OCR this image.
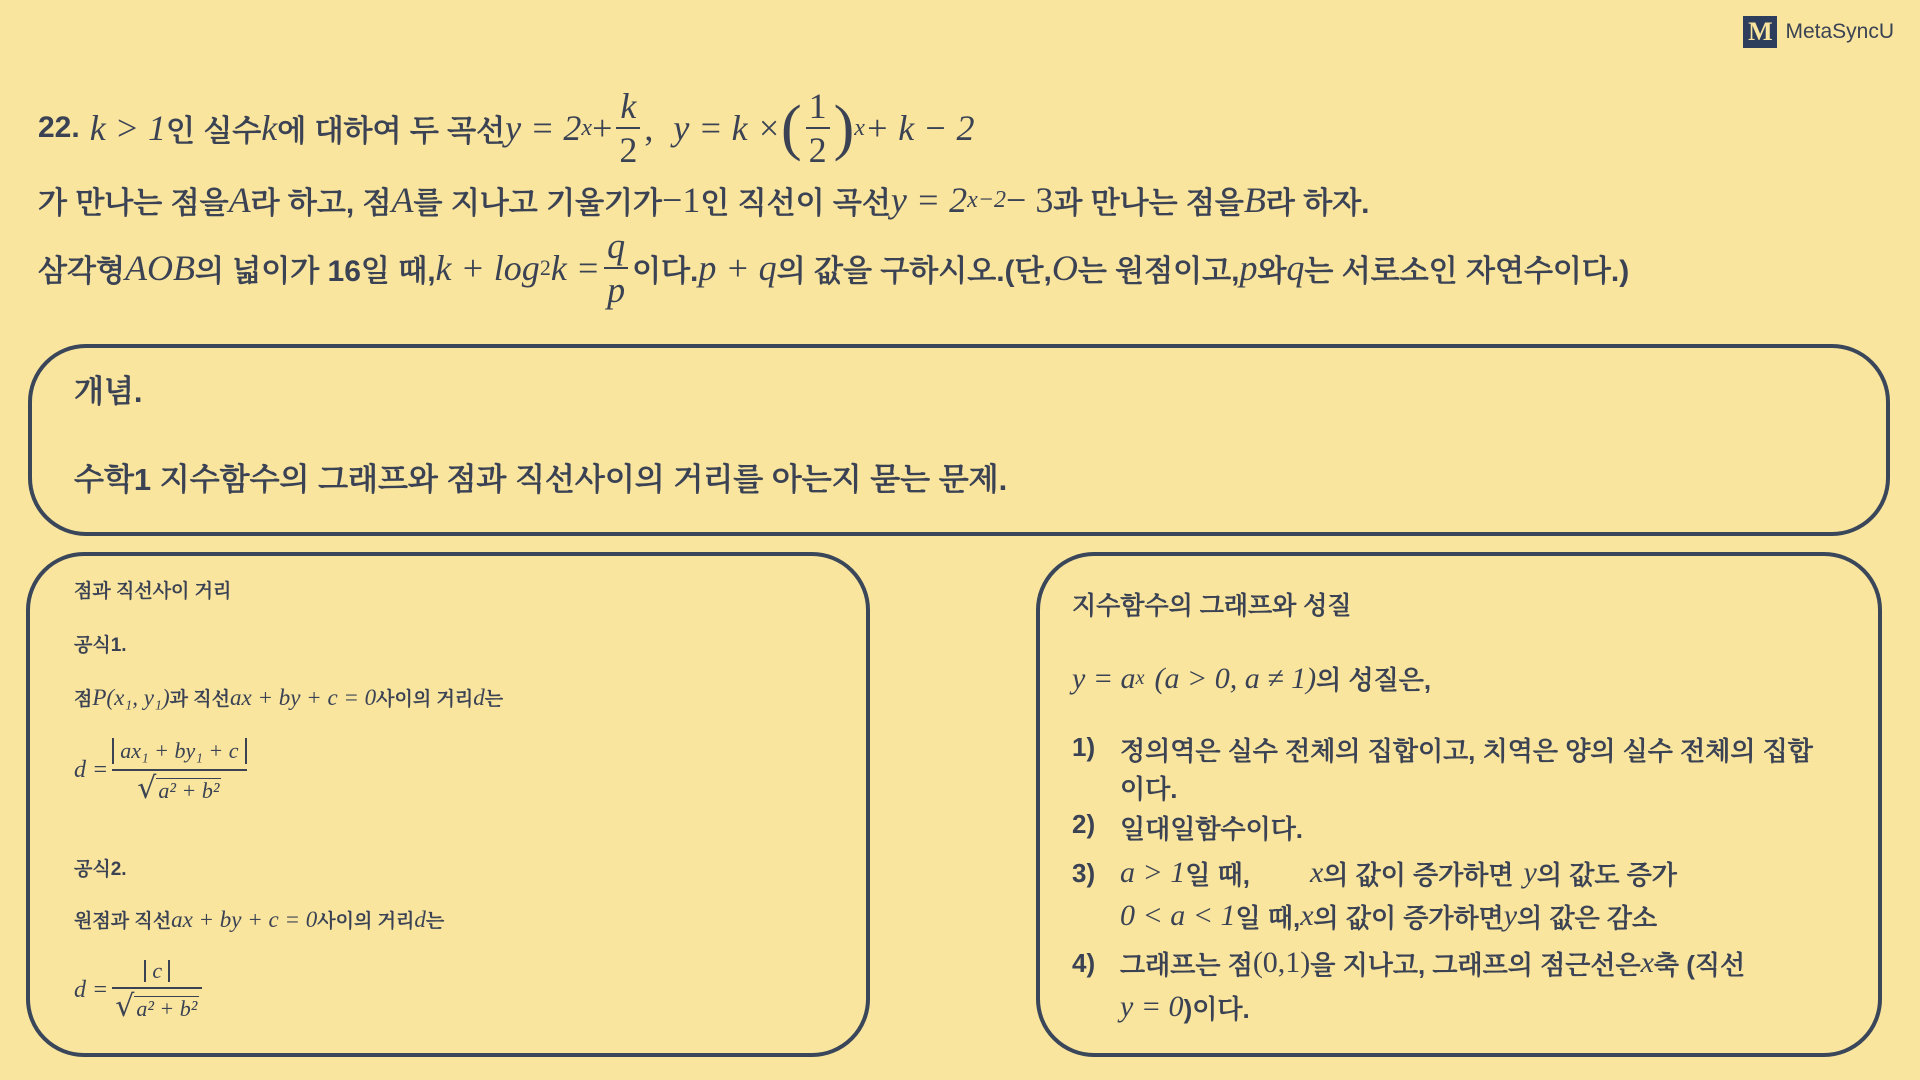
M MetaSyncU
22. k > 1 인 실수 k 에 대하여 두 곡선 y = 2 $x + \frac{k}{2}$ , y = k × ( $\frac{1}{2}$ ) x + k − 2
가 만나는 점을 A 라 하고, 점 A 를 지나고 기울기가 −1 인 직선이 곡선 y = 2 x−2 − 3 과 만나는 점을 B 라 하자.
삼각형 AOB 의 넓이가 16일 때, k + log 2 $k = \frac{q}{p}$ 이다. p + q 의 값을 구하시오.(단, O 는 원점이고, p 와 q 는 서로소인 자연수이다.)
개념.
수학1 지수함수의 그래프와 점과 직선사이의 거리를 아는지 묻는 문제.
점과 직선사이 거리
공식1.
점 P(x₁, y₁) 과 직선 ax + by + c = 0 사이의 거리 d 는
$d = \frac{\text{ax₁ + by₁ + c}}{\text{√ a² + b²}}$
공식2.
원점과 직선 ax + by + c = 0 사이의 거리 d 는
$d = \frac{c}{\text{√ a² + b²}}$
지수함수의 그래프와 성질
y = a x (a > 0, a ≠ 1) 의 성질은,
1) 정의역은 실수 전체의 집합이고, 치역은 양의 실수 전체의 집합
이다.
2) 일대일함수이다.
3) a > 1 일 때, x 의 값이 증가하면 y 의 값도 증가
0 < a < 1 일 때, x 의 값이 증가하면 y 의 값은 감소
4) 그래프는 점 (0,1) 을 지나고, 그래프의 점근선은 x 축 (직선
y = 0 )이다.
